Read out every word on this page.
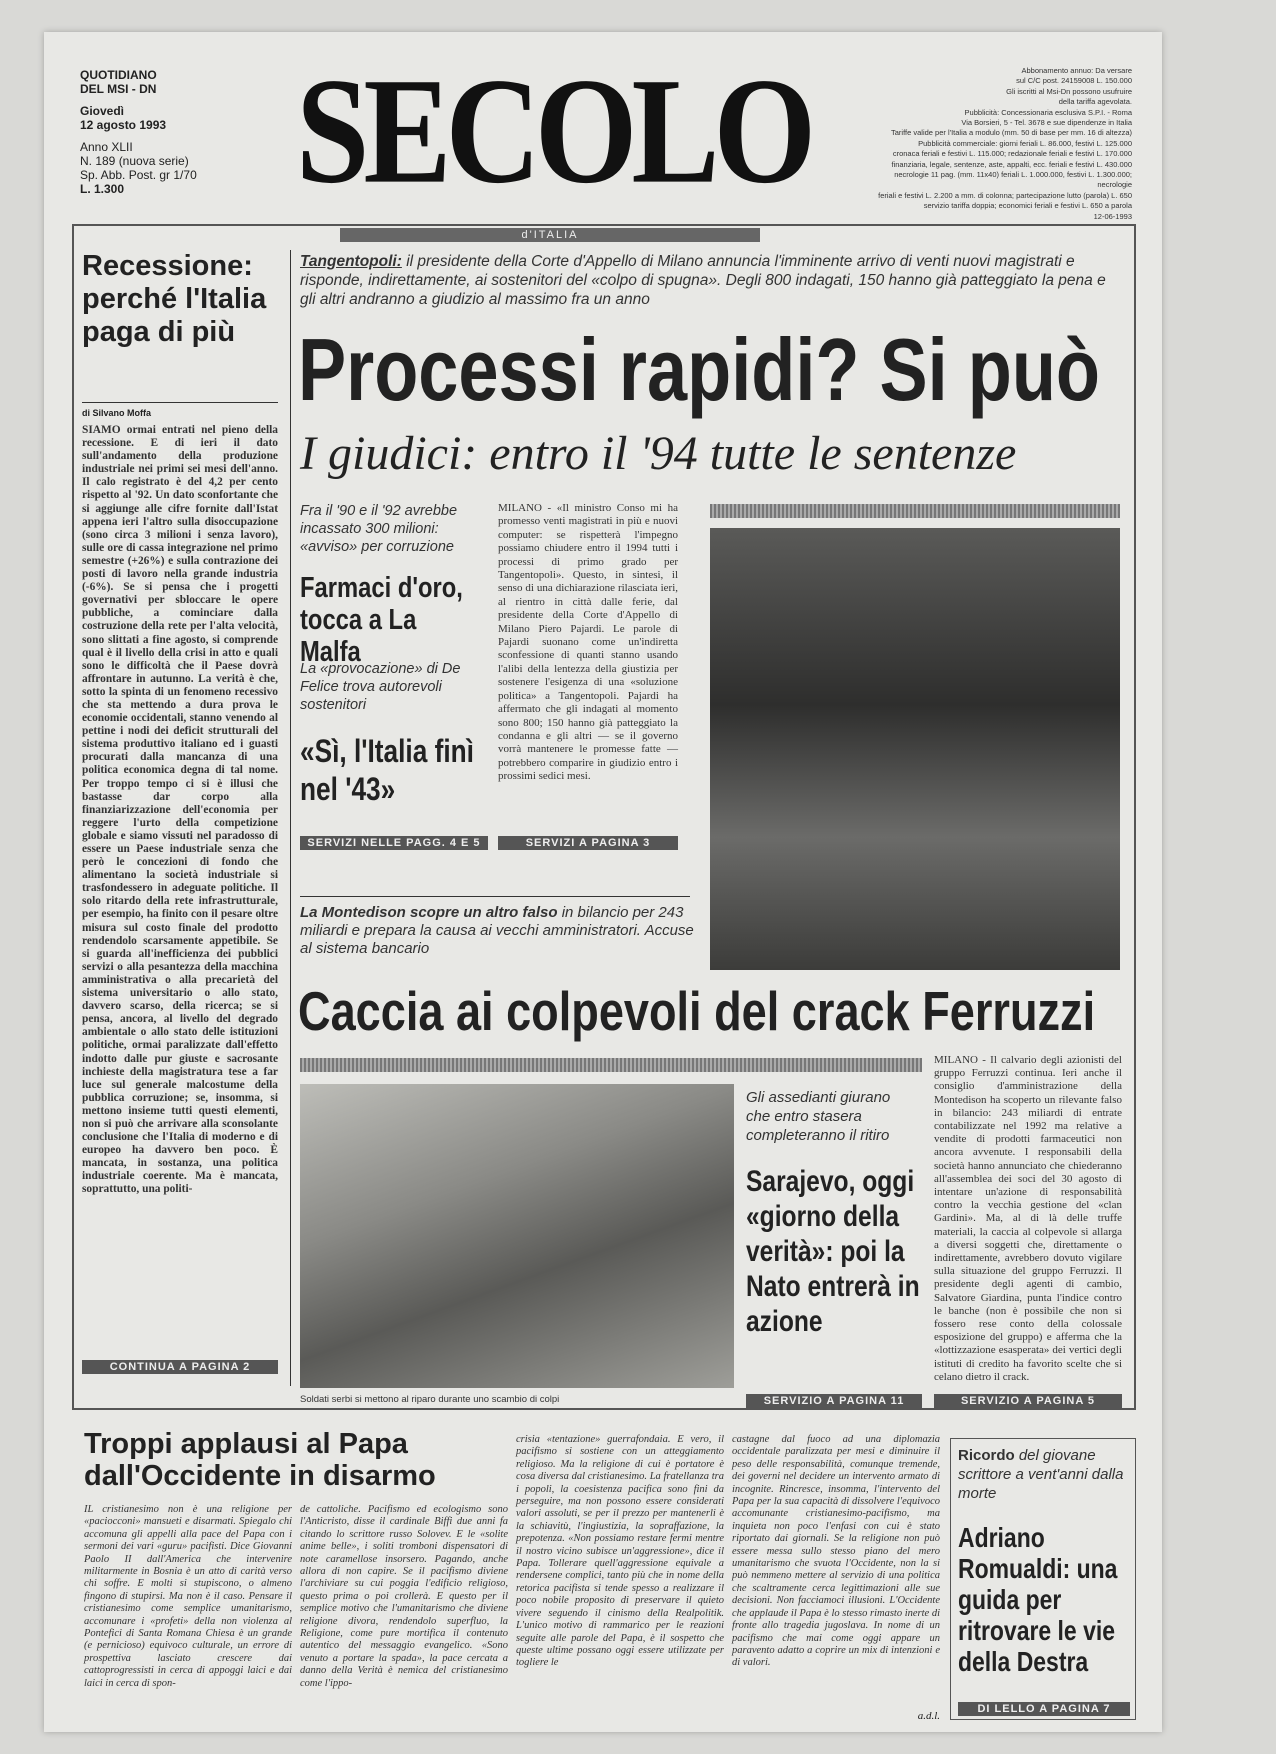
QUOTIDIANO
DEL MSI - DN
Giovedì
12 agosto 1993
Anno XLII
N. 189 (nuova serie)
Sp. Abb. Post. gr 1/70
L. 1.300	SECOLO
d'ITALIA
Abbonamento annuo: Da versare
sul C/C post. 24159008 L. 150.000
Gli iscritti al Msi-Dn possono usufruire
della tariffa agevolata.
Pubblicità: Concessionaria esclusiva S.P.I. - Roma
Via Borsieri, 5 - Tel. 3678 e sue dipendenze in Italia
Tariffe valide per l'Italia a modulo (mm. 50 di base per mm. 16 di altezza)
Pubblicità commerciale: giorni feriali L. 86.000, festivi L. 125.000
cronaca feriali e festivi L. 115.000; redazionale feriali e festivi L. 170.000
finanziaria, legale, sentenze, aste, appalti, ecc. feriali e festivi L. 430.000
necrologie 11 pag. (mm. 11x40) feriali L. 1.000.000, festivi L. 1.300.000; necrologie
feriali e festivi L. 2.200 a mm. di colonna; partecipazione lutto (parola) L. 650
servizio tariffa doppia; economici feriali e festivi L. 650 a parola
12-06-1993
Recessione: perché l'Italia paga di più
di Silvano Moffa
SIAMO ormai entrati nel pieno della recessione. E di ieri il dato sull'andamento della produzione industriale nei primi sei mesi dell'anno. Il calo registrato è del 4,2 per cento rispetto al '92. Un dato sconfortante che si aggiunge alle cifre fornite dall'Istat appena ieri l'altro sulla disoccupazione (sono circa 3 milioni i senza lavoro), sulle ore di cassa integrazione nel primo semestre (+26%) e sulla contrazione dei posti di lavoro nella grande industria (-6%). Se si pensa che i progetti governativi per sbloccare le opere pubbliche, a cominciare dalla costruzione della rete per l'alta velocità, sono slittati a fine agosto, si comprende qual è il livello della crisi in atto e quali sono le difficoltà che il Paese dovrà affrontare in autunno. La verità è che, sotto la spinta di un fenomeno recessivo che sta mettendo a dura prova le economie occidentali, stanno venendo al pettine i nodi dei deficit strutturali del sistema produttivo italiano ed i guasti procurati dalla mancanza di una politica economica degna di tal nome. Per troppo tempo ci si è illusi che bastasse dar corpo alla finanziarizzazione dell'economia per reggere l'urto della competizione globale e siamo vissuti nel paradosso di essere un Paese industriale senza che però le concezioni di fondo che alimentano la società industriale si trasfondessero in adeguate politiche. Il solo ritardo della rete infrastrutturale, per esempio, ha finito con il pesare oltre misura sul costo finale del prodotto rendendolo scarsamente appetibile. Se si guarda all'inefficienza dei pubblici servizi o alla pesantezza della macchina amministrativa o alla precarietà del sistema universitario o allo stato, davvero scarso, della ricerca; se si pensa, ancora, al livello del degrado ambientale o allo stato delle istituzioni politiche, ormai paralizzate dall'effetto indotto dalle pur giuste e sacrosante inchieste della magistratura tese a far luce sul generale malcostume della pubblica corruzione; se, insomma, si mettono insieme tutti questi elementi, non si può che arrivare alla sconsolante conclusione che l'Italia di moderno e di europeo ha davvero ben poco. È mancata, in sostanza, una politica industriale coerente. Ma è mancata, soprattutto, una politi-
CONTINUA A PAGINA 2
Tangentopoli: il presidente della Corte d'Appello di Milano annuncia l'imminente arrivo di venti nuovi magistrati e risponde, indirettamente, ai sostenitori del «colpo di spugna». Degli 800 indagati, 150 hanno già patteggiato la pena e gli altri andranno a giudizio al massimo fra un anno
Processi rapidi? Si può
I giudici: entro il '94 tutte le sentenze
Fra il '90 e il '92 avrebbe incassato 300 milioni: «avviso» per corruzione
Farmaci d'oro, tocca a La Malfa
La «provocazione» di De Felice trova autorevoli sostenitori
«Sì, l'Italia finì nel '43»
SERVIZI NELLE PAGG. 4 E 5
MILANO - «Il ministro Conso mi ha promesso venti magistrati in più e nuovi computer: se rispetterà l'impegno possiamo chiudere entro il 1994 tutti i processi di primo grado per Tangentopoli». Questo, in sintesi, il senso di una dichiarazione rilasciata ieri, al rientro in città dalle ferie, dal presidente della Corte d'Appello di Milano Piero Pajardi. Le parole di Pajardi suonano come un'indiretta sconfessione di quanti stanno usando l'alibi della lentezza della giustizia per sostenere l'esigenza di una «soluzione politica» a Tangentopoli. Pajardi ha affermato che gli indagati al momento sono 800; 150 hanno già patteggiato la condanna e gli altri — se il governo vorrà mantenere le promesse fatte — potrebbero comparire in giudizio entro i prossimi sedici mesi.
SERVIZI A PAGINA 3
La Montedison scopre un altro falso in bilancio per 243 miliardi e prepara la causa ai vecchi amministratori. Accuse al sistema bancario
Caccia ai colpevoli del crack Ferruzzi
Soldati serbi si mettono al riparo durante uno scambio di colpi
Gli assedianti giurano che entro stasera completeranno il ritiro
Sarajevo, oggi «giorno della verità»: poi la Nato entrerà in azione
SERVIZIO A PAGINA 11
MILANO - Il calvario degli azionisti del gruppo Ferruzzi continua. Ieri anche il consiglio d'amministrazione della Montedison ha scoperto un rilevante falso in bilancio: 243 miliardi di entrate contabilizzate nel 1992 ma relative a vendite di prodotti farmaceutici non ancora avvenute. I responsabili della società hanno annunciato che chiederanno all'assemblea dei soci del 30 agosto di intentare un'azione di responsabilità contro la vecchia gestione del «clan Gardini». Ma, al di là delle truffe materiali, la caccia al colpevole si allarga a diversi soggetti che, direttamente o indirettamente, avrebbero dovuto vigilare sulla situazione del gruppo Ferruzzi. Il presidente degli agenti di cambio, Salvatore Giardina, punta l'indice contro le banche (non è possibile che non si fossero rese conto della colossale esposizione del gruppo) e afferma che la «lottizzazione esasperata» dei vertici degli istituti di credito ha favorito scelte che si celano dietro il crack.
SERVIZIO A PAGINA 5
Troppi applausi al Papa dall'Occidente in disarmo
IL cristianesimo non è una religione per «paciocconi» mansueti e disarmati. Spiegalo chi accomuna gli appelli alla pace del Papa con i sermoni dei vari «guru» pacifisti. Dice Giovanni Paolo II dall'America che intervenire militarmente in Bosnia è un atto di carità verso chi soffre. E molti si stupiscono, o almeno fingono di stupirsi. Ma non è il caso. Pensare il cristianesimo come semplice umanitarismo, accomunare i «profeti» della non violenza al Pontefici di Santa Romana Chiesa è un grande (e pernicioso) equivoco culturale, un errore di prospettiva lasciato crescere dai cattoprogressisti in cerca di appoggi laici e dai laici in cerca di spon-
de cattoliche. Pacifismo ed ecologismo sono l'Anticristo, disse il cardinale Biffi due anni fa citando lo scrittore russo Solovev. E le «solite anime belle», i soliti tromboni dispensatori di note caramellose insorsero. Pagando, anche allora di non capire. Se il pacifismo diviene l'archiviare su cui poggia l'edificio religioso, questo prima o poi crollerà. E questo per il semplice motivo che l'umanitarismo che diviene religione divora, rendendolo superfluo, la Religione, come pure mortifica il contenuto autentico del messaggio evangelico. «Sono venuto a portare la spada», la pace cercata a danno della Verità è nemica del cristianesimo come l'ippo-
crisia «tentazione» guerrafondaia. E vero, il pacifismo si sostiene con un atteggiamento religioso. Ma la religione di cui è portatore è cosa diversa dal cristianesimo. La fratellanza tra i popoli, la coesistenza pacifica sono fini da perseguire, ma non possono essere considerati valori assoluti, se per il prezzo per mantenerli è la schiavitù, l'ingiustizia, la sopraffazione, la prepotenza. «Non possiamo restare fermi mentre il nostro vicino subisce un'aggressione», dice il Papa. Tollerare quell'aggressione equivale a rendersene complici, tanto più che in nome della retorica pacifista si tende spesso a realizzare il poco nobile proposito di preservare il quieto vivere seguendo il cinismo della Realpolitik. L'unico motivo di rammarico per le reazioni seguite alle parole del Papa, è il sospetto che queste ultime possano oggi essere utilizzate per togliere le
castagne dal fuoco ad una diplomazia occidentale paralizzata per mesi e diminuire il peso delle responsabilità, comunque tremende, dei governi nel decidere un intervento armato di incognite. Rincresce, insomma, l'intervento del Papa per la sua capacità di dissolvere l'equivoco accomunante cristianesimo-pacifismo, ma inquieta non poco l'enfasi con cui è stato riportato dai giornali. Se la religione non può essere messa sullo stesso piano del mero umanitarismo che svuota l'Occidente, non la si può nemmeno mettere al servizio di una politica che scaltramente cerca legittimazioni alle sue decisioni. Non facciamoci illusioni. L'Occidente che applaude il Papa è lo stesso rimasto inerte di fronte allo tragedia jugoslava. In nome di un pacifismo che mai come oggi appare un paravento adatto a coprire un mix di intenzioni e di valori.
a.d.l.
Ricordo del giovane scrittore a vent'anni dalla morte
Adriano Romualdi: una guida per ritrovare le vie della Destra
DI LELLO A PAGINA 7
